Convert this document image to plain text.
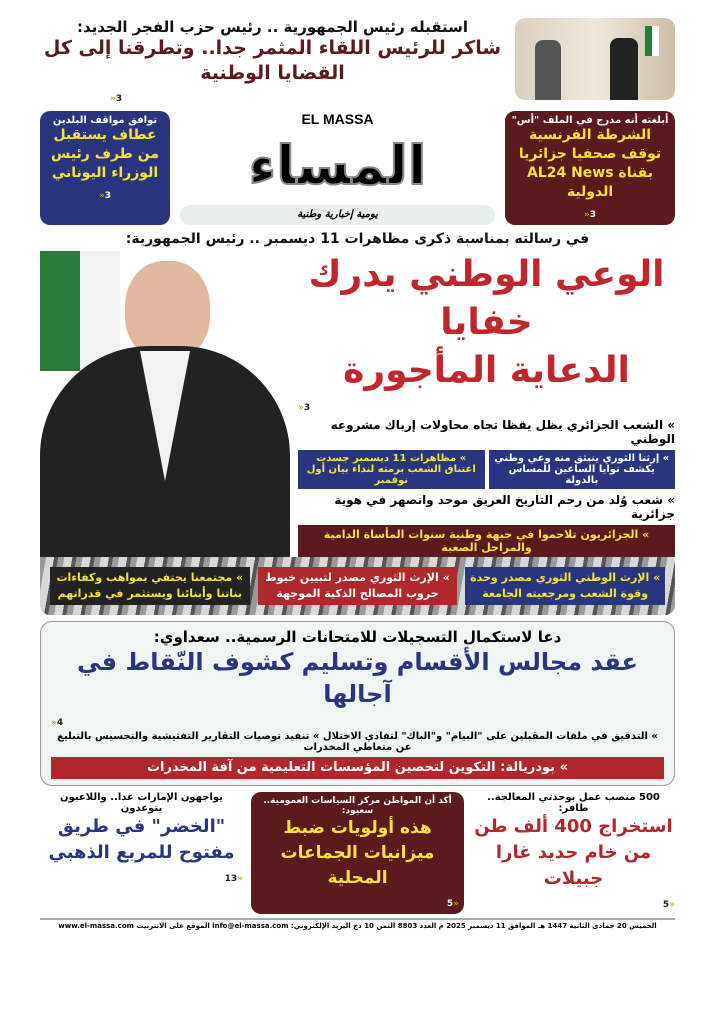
استقبله رئيس الجمهورية .. رئيس حزب الفجر الجديد:
شاكر للرئيس اللقاء المثمر جدا.. وتطرقنا إلى كل القضايا الوطنية
»3
أبلغته أنه مدرج في الملف "أس"
الشرطة الفرنسية توقف صحفيا جزائريا بقناة AL24 News الدولية
»3
EL MASSA
المساء
يومية إخبارية وطنية
توافق مواقف البلدين
عطاف يستقبل من طرف رئيس الوزراء اليوناني
»3
في رسالته بمناسبة ذكرى مظاهرات 11 ديسمبر .. رئيس الجمهورية:
الوعي الوطني يدرك خفايا
الدعاية المأجورة
»3
» الشعب الجزائري يظل يقظا تجاه محاولات إرباك مشروعه الوطني
» إرثنا الثوري ينبثق منه وعي وطني يكشف نوايا الساعين للمساس بالدولة
» مظاهرات 11 ديسمبر جسدت اعتناق الشعب برمته لنداء بيان أول نوفمبر
» شعب وُلد من رحم التاريخ العريق موحد وانصهر في هوية جزائرية
» الجزائريون تلاحموا في جبهة وطنية سنوات المأساة الدامية والمراحل الصعبة
» الإرث الوطني الثوري مصدر وحدة وقوة الشعب ومرجعيته الجامعة
» الإرث الثوري مصدر لتبيين خيوط حروب المصالح الذكية الموجهة
» مجتمعنا يحتفي بمواهب وكفاءات بناتنا وأبنائنا ويستثمر في قدراتهم
دعا لاستكمال التسجيلات للامتحانات الرسمية.. سعداوي:
عقد مجالس الأقسام وتسليم كشوف النّقاط في آجالها
»4
» التدقيق في ملفات المقبلين على "البيام" و"الباك" لتفادي الاختلال » تنفيذ توصيات التقارير التفتيشية والتحسيس بالتبليغ عن متعاطي المخدرات
» بودريالة: التكوين لتحصين المؤسسات التعليمية من آفة المخدرات
500 منصب عمل بوحدتي المعالجة.. طافر:
استخراج 400 ألف طن من خام حديد غارا جبيلات
5»
أكد أن المواطن مركز السياسات العمومية.. سعيود:
هذه أولويات ضبط ميزانيات الجماعات المحلية
5»
يواجهون الإمارات غدا.. واللاعبون يتوعدون
"الخضر" في طريق مفتوح للمربع الذهبي
13»
الخميس 20 جمادى الثانية 1447 هـ الموافق 11 ديسمبر 2025 م العدد 8803 الثمن 10 دج البريد الإلكتروني: info@el-massa.com الموقع على الانترنيت www.el-massa.com
